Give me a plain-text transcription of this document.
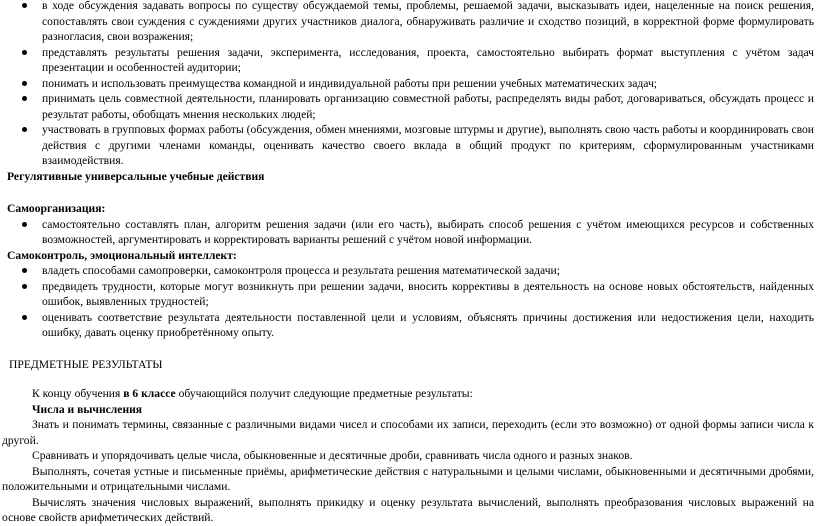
в ходе обсуждения задавать вопросы по существу обсуждаемой темы, проблемы, решаемой задачи, высказывать идеи, нацеленные на поиск решения, сопоставлять свои суждения с суждениями других участников диалога, обнаруживать различие и сходство позиций, в корректной форме формулировать разногласия, свои возражения;
представлять результаты решения задачи, эксперимента, исследования, проекта, самостоятельно выбирать формат выступления с учётом задач презентации и особенностей аудитории;
понимать и использовать преимущества командной и индивидуальной работы при решении учебных математических задач;
принимать цель совместной деятельности, планировать организацию совместной работы, распределять виды работ, договариваться, обсуждать процесс и результат работы, обобщать мнения нескольких людей;
участвовать в групповых формах работы (обсуждения, обмен мнениями, мозговые штурмы и другие), выполнять свою часть работы и координировать свои действия с другими членами команды, оценивать качество своего вклада в общий продукт по критериям, сформулированным участниками взаимодействия.
Регулятивные универсальные учебные действия
Самоорганизация:
самостоятельно составлять план, алгоритм решения задачи (или его часть), выбирать способ решения с учётом имеющихся ресурсов и собственных возможностей, аргументировать и корректировать варианты решений с учётом новой информации.
Самоконтроль, эмоциональный интеллект:
владеть способами самопроверки, самоконтроля процесса и результата решения математической задачи;
предвидеть трудности, которые могут возникнуть при решении задачи, вносить коррективы в деятельность на основе новых обстоятельств, найденных ошибок, выявленных трудностей;
оценивать соответствие результата деятельности поставленной цели и условиям, объяснять причины достижения или недостижения цели, находить ошибку, давать оценку приобретённому опыту.
ПРЕДМЕТНЫЕ РЕЗУЛЬТАТЫ

К концу обучения в 6 классе обучающийся получит следующие предметные результаты:

Числа и вычисления

Знать и понимать термины, связанные с различными видами чисел и способами их записи, переходить (если это возможно) от одной формы записи числа к другой.

Сравнивать и упорядочивать целые числа, обыкновенные и десятичные дроби, сравнивать числа одного и разных знаков.

Выполнять, сочетая устные и письменные приёмы, арифметические действия с натуральными и целыми числами, обыкновенными и десятичными дробями, положительными и отрицательными числами.

Вычислять значения числовых выражений, выполнять прикидку и оценку результата вычислений, выполнять преобразования числовых выражений на основе свойств арифметических действий.
